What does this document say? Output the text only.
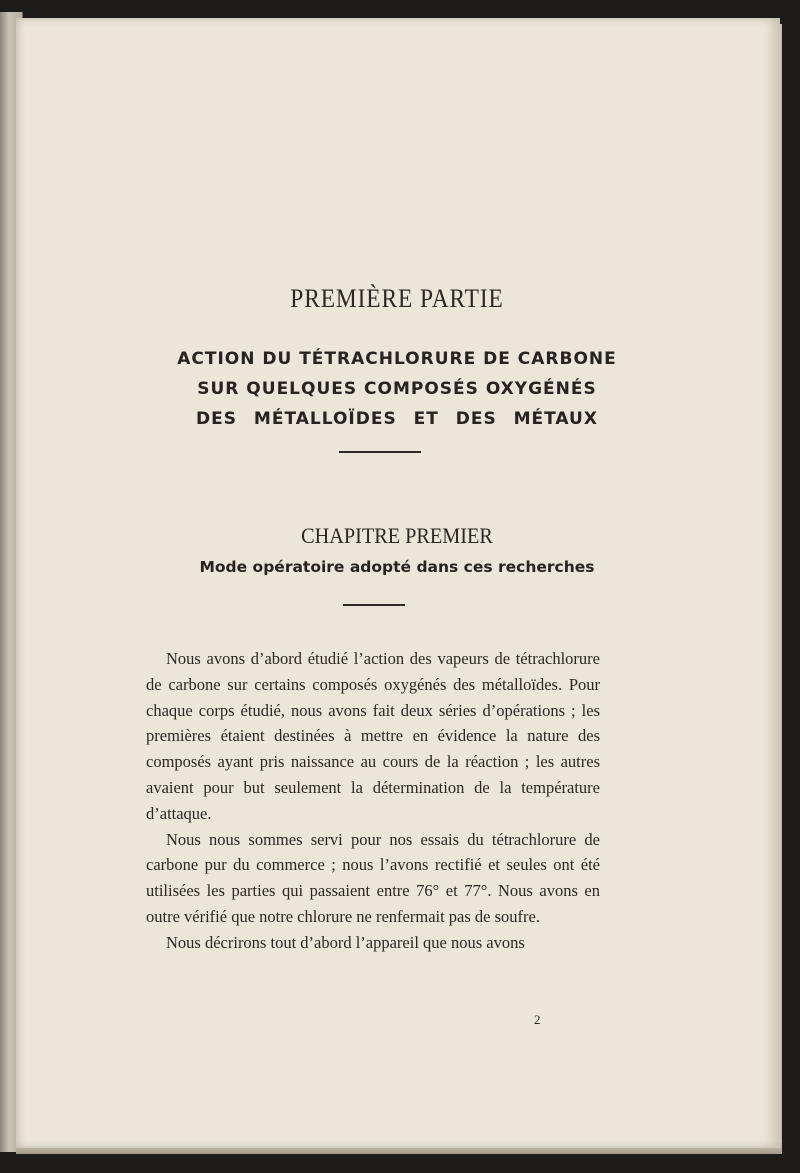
PREMIÈRE PARTIE
ACTION DU TÉTRACHLORURE DE CARBONE
SUR QUELQUES COMPOSÉS OXYGÉNÉS
DES MÉTALLOÏDES ET DES MÉTAUX
CHAPITRE PREMIER
Mode opératoire adopté dans ces recherches

Nous avons d’abord étudié l’action des vapeurs de tétrachlorure de carbone sur certains composés oxygénés des métalloïdes. Pour chaque corps étudié, nous avons fait deux séries d’opérations ; les premières étaient destinées à mettre en évidence la nature des composés ayant pris naissance au cours de la réaction ; les autres avaient pour but seulement la détermination de la température d’attaque.

Nous nous sommes servi pour nos essais du tétrachlorure de carbone pur du commerce ; nous l’avons rectifié et seules ont été utilisées les parties qui passaient entre 76° et 77°. Nous avons en outre vérifié que notre chlorure ne renfermait pas de soufre.

Nous décrirons tout d’abord l’appareil que nous avons

2
